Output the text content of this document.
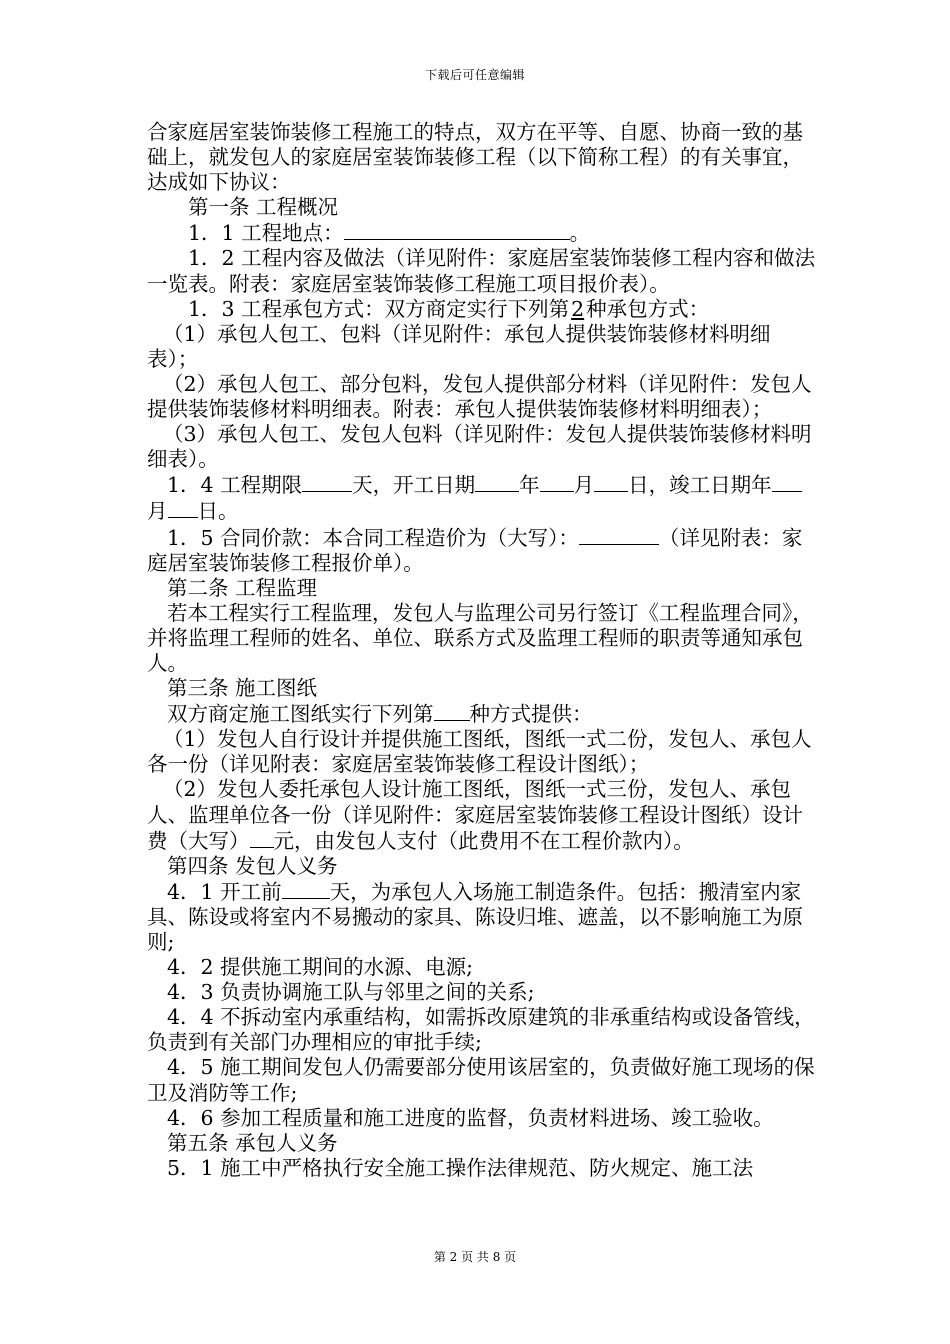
下载后可任意编辑

合家庭居室装饰装修工程施工的特点，双方在平等、自愿、协商一致的基础上，就发包人的家庭居室装饰装修工程（以下简称工程）的有关事宜，达成如下协议：

第一条 工程概况

1．1 工程地点：	。

1．2 工程内容及做法（详见附件：家庭居室装饰装修工程内容和做法一览表。附表：家庭居室装饰装修工程施工项目报价表）。

1．3 工程承包方式：双方商定实行下列第2种承包方式：

（1）承包人包工、包料（详见附件：承包人提供装饰装修材料明细表）；

（2）承包人包工、部分包料，发包人提供部分材料（详见附件：发包人提供装饰装修材料明细表。附表：承包人提供装饰装修材料明细表）；

（3）承包人包工、发包人包料（详见附件：发包人提供装饰装修材料明细表）。

1．4 工程期限 天，开工日期 年 月 日，竣工日期年月 日。

1．5 合同价款：本合同工程造价为（大写）：	（详见附表：家庭居室装饰装修工程报价单）。

第二条 工程监理

若本工程实行工程监理，发包人与监理公司另行签订《工程监理合同》，并将监理工程师的姓名、单位、联系方式及监理工程师的职责等通知承包人。

第三条 施工图纸

双方商定施工图纸实行下列第 种方式提供：

（1）发包人自行设计并提供施工图纸，图纸一式二份，发包人、承包人各一份（详见附表：家庭居室装饰装修工程设计图纸）；

（2）发包人委托承包人设计施工图纸，图纸一式三份，发包人、承包人、监理单位各一份（详见附件：家庭居室装饰装修工程设计图纸）设计费（大写） 元，由发包人支付（此费用不在工程价款内）。

第四条 发包人义务

4．1 开工前 天，为承包人入场施工制造条件。包括：搬清室内家具、陈设或将室内不易搬动的家具、陈设归堆、遮盖，以不影响施工为原则;

4．2 提供施工期间的水源、电源;

4．3 负责协调施工队与邻里之间的关系;

4．4 不拆动室内承重结构，如需拆改原建筑的非承重结构或设备管线，负责到有关部门办理相应的审批手续;

4．5 施工期间发包人仍需要部分使用该居室的，负责做好施工现场的保卫及消防等工作;

4．6 参加工程质量和施工进度的监督，负责材料进场、竣工验收。

第五条 承包人义务

5．1 施工中严格执行安全施工操作法律规范、防火规定、施工法

第 2 页 共 8 页
